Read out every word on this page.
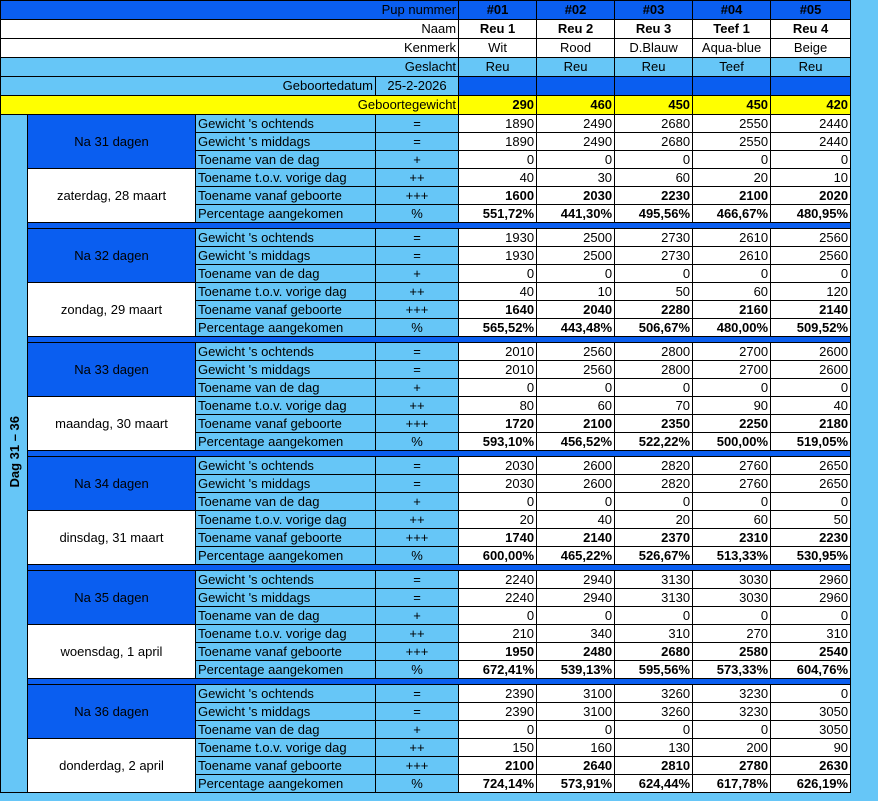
Pup nummer				#01	#02	#03	#04	#05	
Naam				Reu 1	Reu 2	Reu 3	Teef 1	Reu 4	
Kenmerk				Wit	Rood	D.Blauw	Aqua-blue	Beige	
Geslacht				Reu	Reu	Reu	Teef	Reu	
Geboortedatum			25-2-2026						
Geboortegewicht				290	460	450	450	420	
Dag 31 – 36	Na 31 dagen	Gewicht 's ochtends	=	1890	2490	2680	2550	2440	
		Gewicht 's middags	=	1890	2490	2680	2550	2440	
		Toename van de dag	+	0	0	0	0	0	
	zaterdag, 28 maart	Toename t.o.v. vorige dag	++	40	30	60	20	10	
		Toename vanaf geboorte	+++	1600	2030	2230	2100	2020	
		Percentage aangekomen	%	551,72%	441,30%	495,56%	466,67%	480,95%	

	Na 32 dagen	Gewicht 's ochtends	=	1930	2500	2730	2610	2560	
		Gewicht 's middags	=	1930	2500	2730	2610	2560	
		Toename van de dag	+	0	0	0	0	0	
	zondag, 29 maart	Toename t.o.v. vorige dag	++	40	10	50	60	120	
		Toename vanaf geboorte	+++	1640	2040	2280	2160	2140	
		Percentage aangekomen	%	565,52%	443,48%	506,67%	480,00%	509,52%	

	Na 33 dagen	Gewicht 's ochtends	=	2010	2560	2800	2700	2600	
		Gewicht 's middags	=	2010	2560	2800	2700	2600	
		Toename van de dag	+	0	0	0	0	0	
	maandag, 30 maart	Toename t.o.v. vorige dag	++	80	60	70	90	40	
		Toename vanaf geboorte	+++	1720	2100	2350	2250	2180	
		Percentage aangekomen	%	593,10%	456,52%	522,22%	500,00%	519,05%	

	Na 34 dagen	Gewicht 's ochtends	=	2030	2600	2820	2760	2650	
		Gewicht 's middags	=	2030	2600	2820	2760	2650	
		Toename van de dag	+	0	0	0	0	0	
	dinsdag, 31 maart	Toename t.o.v. vorige dag	++	20	40	20	60	50	
		Toename vanaf geboorte	+++	1740	2140	2370	2310	2230	
		Percentage aangekomen	%	600,00%	465,22%	526,67%	513,33%	530,95%	

	Na 35 dagen	Gewicht 's ochtends	=	2240	2940	3130	3030	2960	
		Gewicht 's middags	=	2240	2940	3130	3030	2960	
		Toename van de dag	+	0	0	0	0	0	
	woensdag, 1 april	Toename t.o.v. vorige dag	++	210	340	310	270	310	
		Toename vanaf geboorte	+++	1950	2480	2680	2580	2540	
		Percentage aangekomen	%	672,41%	539,13%	595,56%	573,33%	604,76%	

	Na 36 dagen	Gewicht 's ochtends	=	2390	3100	3260	3230	0	
		Gewicht 's middags	=	2390	3100	3260	3230	3050	
		Toename van de dag	+	0	0	0	0	3050	
	donderdag, 2 april	Toename t.o.v. vorige dag	++	150	160	130	200	90	
		Toename vanaf geboorte	+++	2100	2640	2810	2780	2630	
		Percentage aangekomen	%	724,14%	573,91%	624,44%	617,78%	626,19%	
